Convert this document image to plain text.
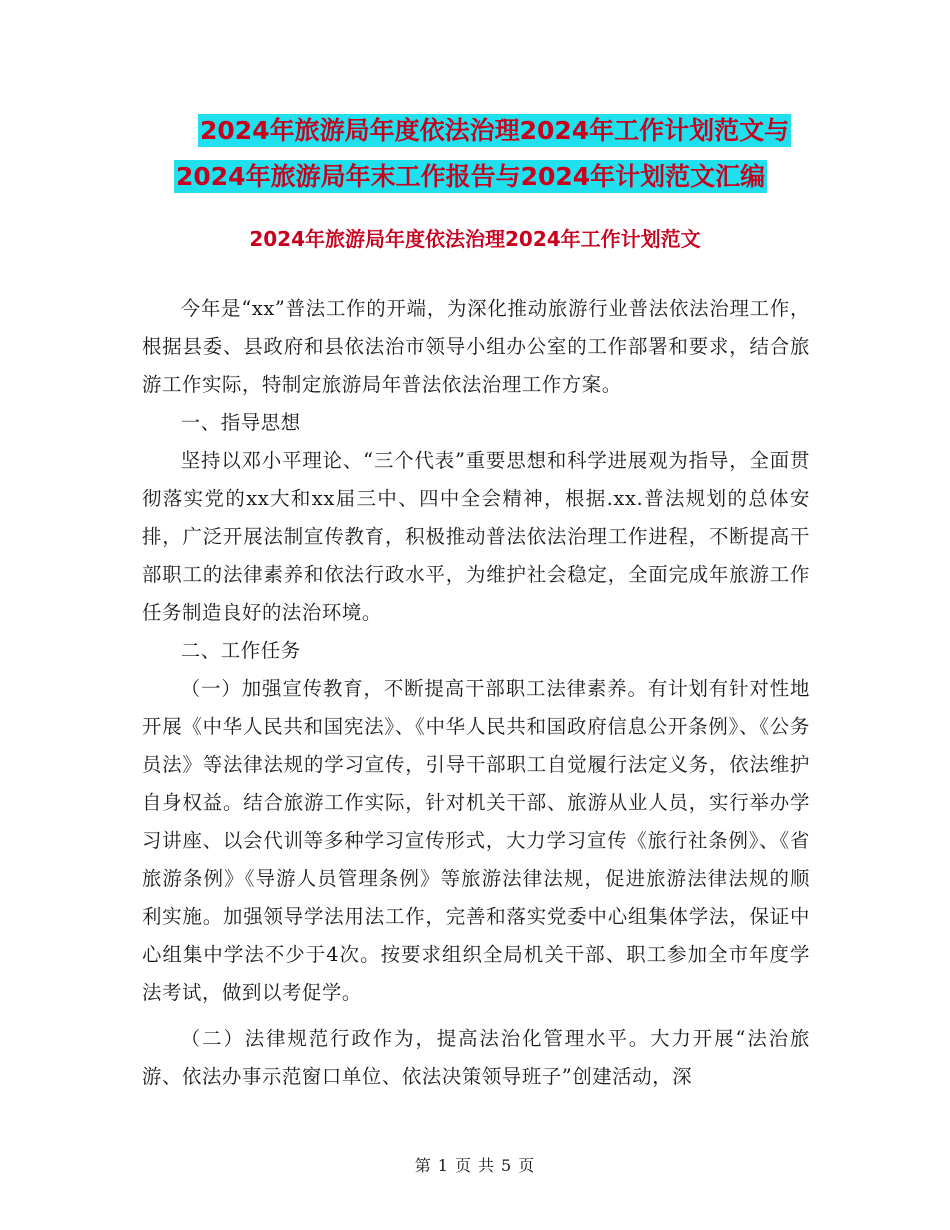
2024年旅游局年度依法治理2024年工作计划范文与
2024年旅游局年末工作报告与2024年计划范文汇编
2024年旅游局年度依法治理2024年工作计划范文

今年是“xx”普法工作的开端，为深化推动旅游行业普法依法治理工作，根据县委、县政府和县依法治市领导小组办公室的工作部署和要求，结合旅游工作实际，特制定旅游局年普法依法治理工作方案。

一、指导思想

坚持以邓小平理论、“三个代表”重要思想和科学进展观为指导，全面贯彻落实党的xx大和xx届三中、四中全会精神，根据.xx.普法规划的总体安排，广泛开展法制宣传教育，积极推动普法依法治理工作进程，不断提高干部职工的法律素养和依法行政水平，为维护社会稳定，全面完成年旅游工作任务制造良好的法治环境。

二、工作任务

（一）加强宣传教育，不断提高干部职工法律素养。有计划有针对性地开展《中华人民共和国宪法》、《中华人民共和国政府信息公开条例》、《公务员法》等法律法规的学习宣传，引导干部职工自觉履行法定义务，依法维护自身权益。结合旅游工作实际，针对机关干部、旅游从业人员，实行举办学习讲座、以会代训等多种学习宣传形式，大力学习宣传《旅行社条例》、《省旅游条例》《导游人员管理条例》等旅游法律法规，促进旅游法律法规的顺利实施。加强领导学法用法工作，完善和落实党委中心组集体学法，保证中心组集中学法不少于4次。按要求组织全局机关干部、职工参加全市年度学法考试，做到以考促学。

（二）法律规范行政作为，提高法治化管理水平。大力开展“法治旅游、依法办事示范窗口单位、依法决策领导班子”创建活动，深

第 1 页 共 5 页
